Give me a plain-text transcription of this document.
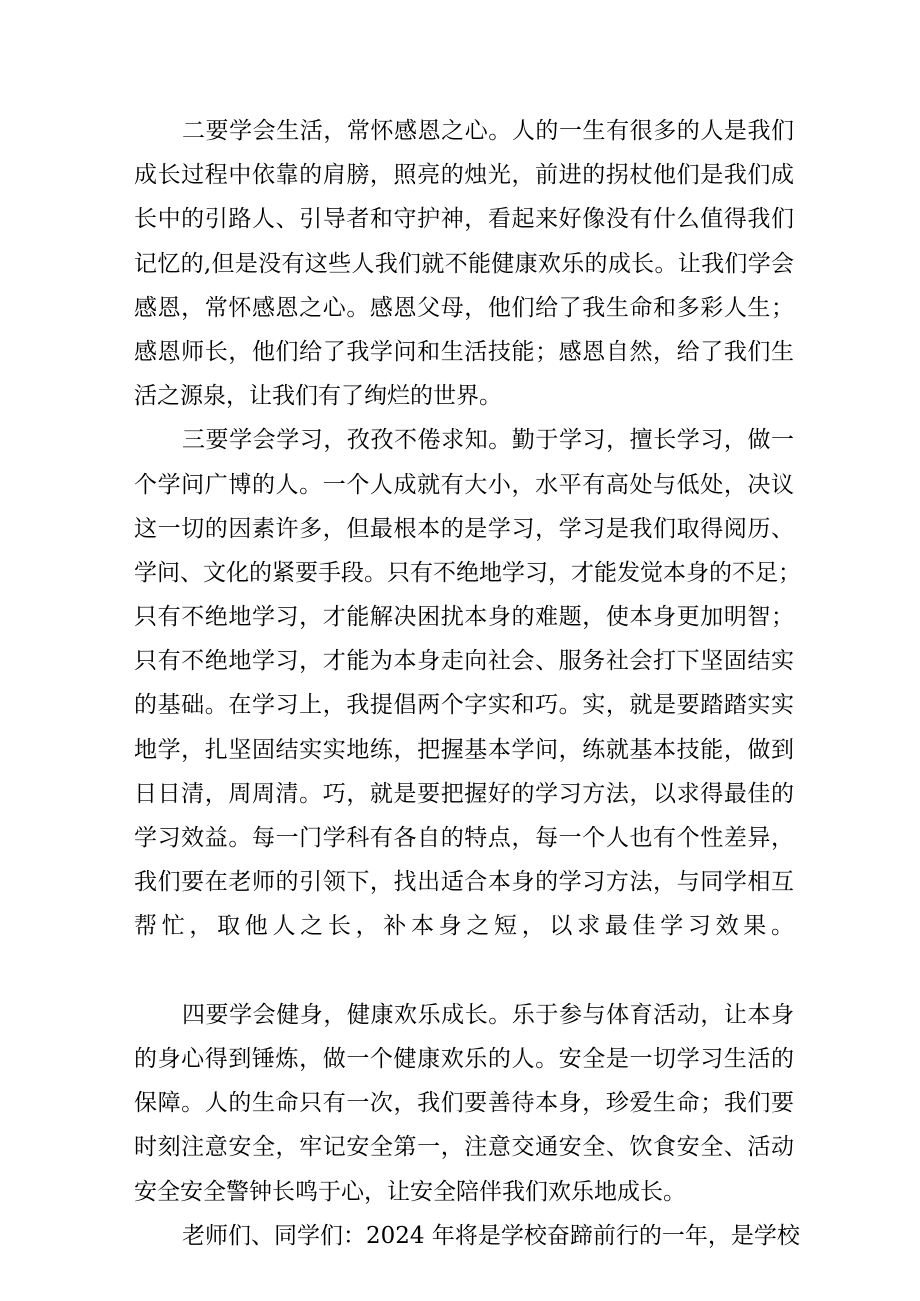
二要学会生活，常怀感恩之心。人的一生有很多的人是我们
成长过程中依靠的肩膀，照亮的烛光，前进的拐杖他们是我们成
长中的引路人、引导者和守护神，看起来好像没有什么值得我们
记忆的,但是没有这些人我们就不能健康欢乐的成长。让我们学会
感恩，常怀感恩之心。感恩父母，他们给了我生命和多彩人生；
感恩师长，他们给了我学问和生活技能；感恩自然，给了我们生
活之源泉，让我们有了绚烂的世界。
三要学会学习，孜孜不倦求知。勤于学习，擅长学习，做一
个学问广博的人。一个人成就有大小，水平有高处与低处，决议
这一切的因素许多，但最根本的是学习，学习是我们取得阅历、
学问、文化的紧要手段。只有不绝地学习，才能发觉本身的不足；
只有不绝地学习，才能解决困扰本身的难题，使本身更加明智；
只有不绝地学习，才能为本身走向社会、服务社会打下坚固结实
的基础。在学习上，我提倡两个字实和巧。实，就是要踏踏实实
地学，扎坚固结实实地练，把握基本学问，练就基本技能，做到
日日清，周周清。巧，就是要把握好的学习方法，以求得最佳的
学习效益。每一门学科有各自的特点，每一个人也有个性差异，
我们要在老师的引领下，找出适合本身的学习方法，与同学相互
帮忙，取他人之长，补本身之短，以求最佳学习效果。
四要学会健身，健康欢乐成长。乐于参与体育活动，让本身
的身心得到锤炼，做一个健康欢乐的人。安全是一切学习生活的
保障。人的生命只有一次，我们要善待本身，珍爱生命；我们要
时刻注意安全，牢记安全第一，注意交通安全、饮食安全、活动
安全安全警钟长鸣于心，让安全陪伴我们欢乐地成长。
老师们、同学们：2024 年将是学校奋蹄前行的一年，是学校
